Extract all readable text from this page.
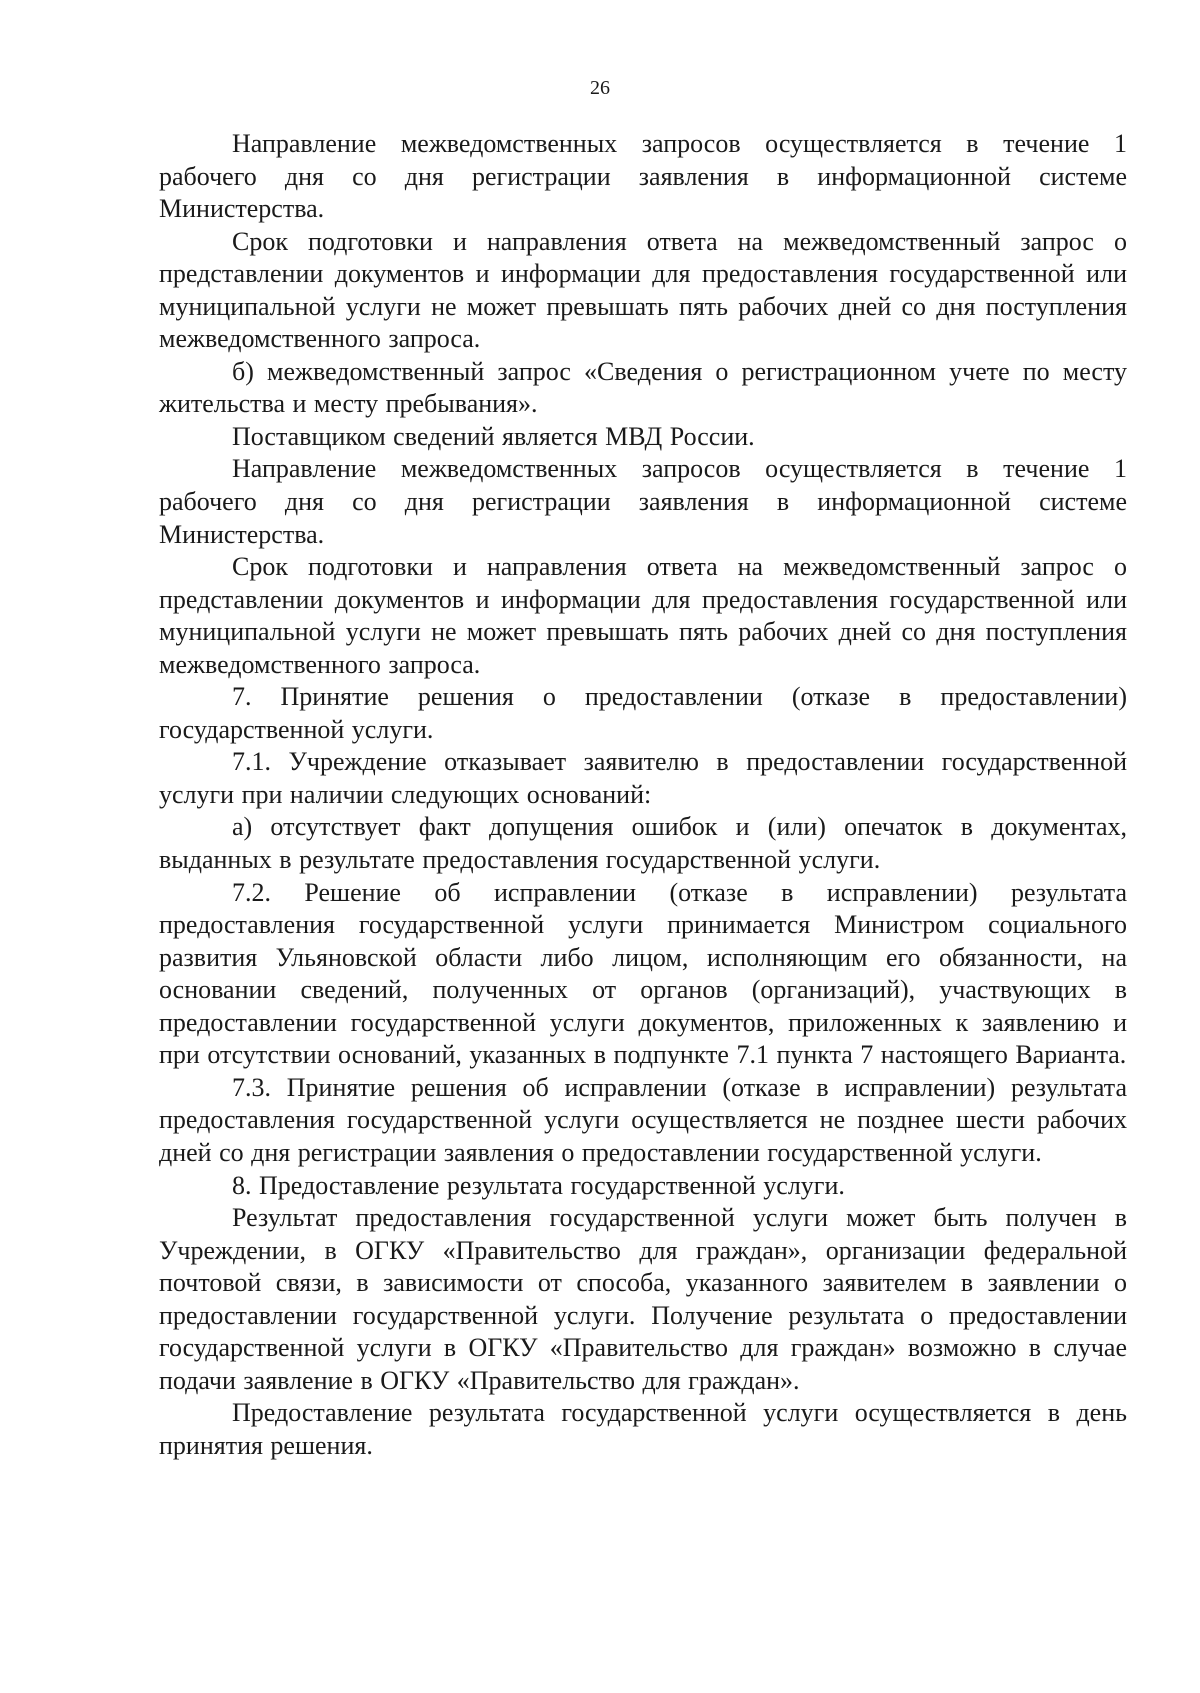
26

Направление межведомственных запросов осуществляется в течение 1 рабочего дня со дня регистрации заявления в информационной системе Министерства.

Срок подготовки и направления ответа на межведомственный запрос о представлении документов и информации для предоставления государственной или муниципальной услуги не может превышать пять рабочих дней со дня поступления межведомственного запроса.

б) межведомственный запрос «Сведения о регистрационном учете по месту жительства и месту пребывания».

Поставщиком сведений является МВД России.

Направление межведомственных запросов осуществляется в течение 1 рабочего дня со дня регистрации заявления в информационной системе Министерства.

Срок подготовки и направления ответа на межведомственный запрос о представлении документов и информации для предоставления государственной или муниципальной услуги не может превышать пять рабочих дней со дня поступления межведомственного запроса.

7. Принятие решения о предоставлении (отказе в предоставлении) государственной услуги.

7.1. Учреждение отказывает заявителю в предоставлении государственной услуги при наличии следующих оснований:

а) отсутствует факт допущения ошибок и (или) опечаток в документах, выданных в результате предоставления государственной услуги.

7.2. Решение об исправлении (отказе в исправлении) результата предоставления государственной услуги принимается Министром социального развития Ульяновской области либо лицом, исполняющим его обязанности, на основании сведений, полученных от органов (организаций), участвующих в предоставлении государственной услуги документов, приложенных к заявлению и при отсутствии оснований, указанных в подпункте 7.1 пункта 7 настоящего Варианта.

7.3. Принятие решения об исправлении (отказе в исправлении) результата предоставления государственной услуги осуществляется не позднее шести рабочих дней со дня регистрации заявления о предоставлении государственной услуги.

8. Предоставление результата государственной услуги.

Результат предоставления государственной услуги может быть получен в Учреждении, в ОГКУ «Правительство для граждан», организации федеральной почтовой связи, в зависимости от способа, указанного заявителем в заявлении о предоставлении государственной услуги. Получение результата о предоставлении государственной услуги в ОГКУ «Правительство для граждан» возможно в случае подачи заявление в ОГКУ «Правительство для граждан».

Предоставление результата государственной услуги осуществляется в день принятия решения.
